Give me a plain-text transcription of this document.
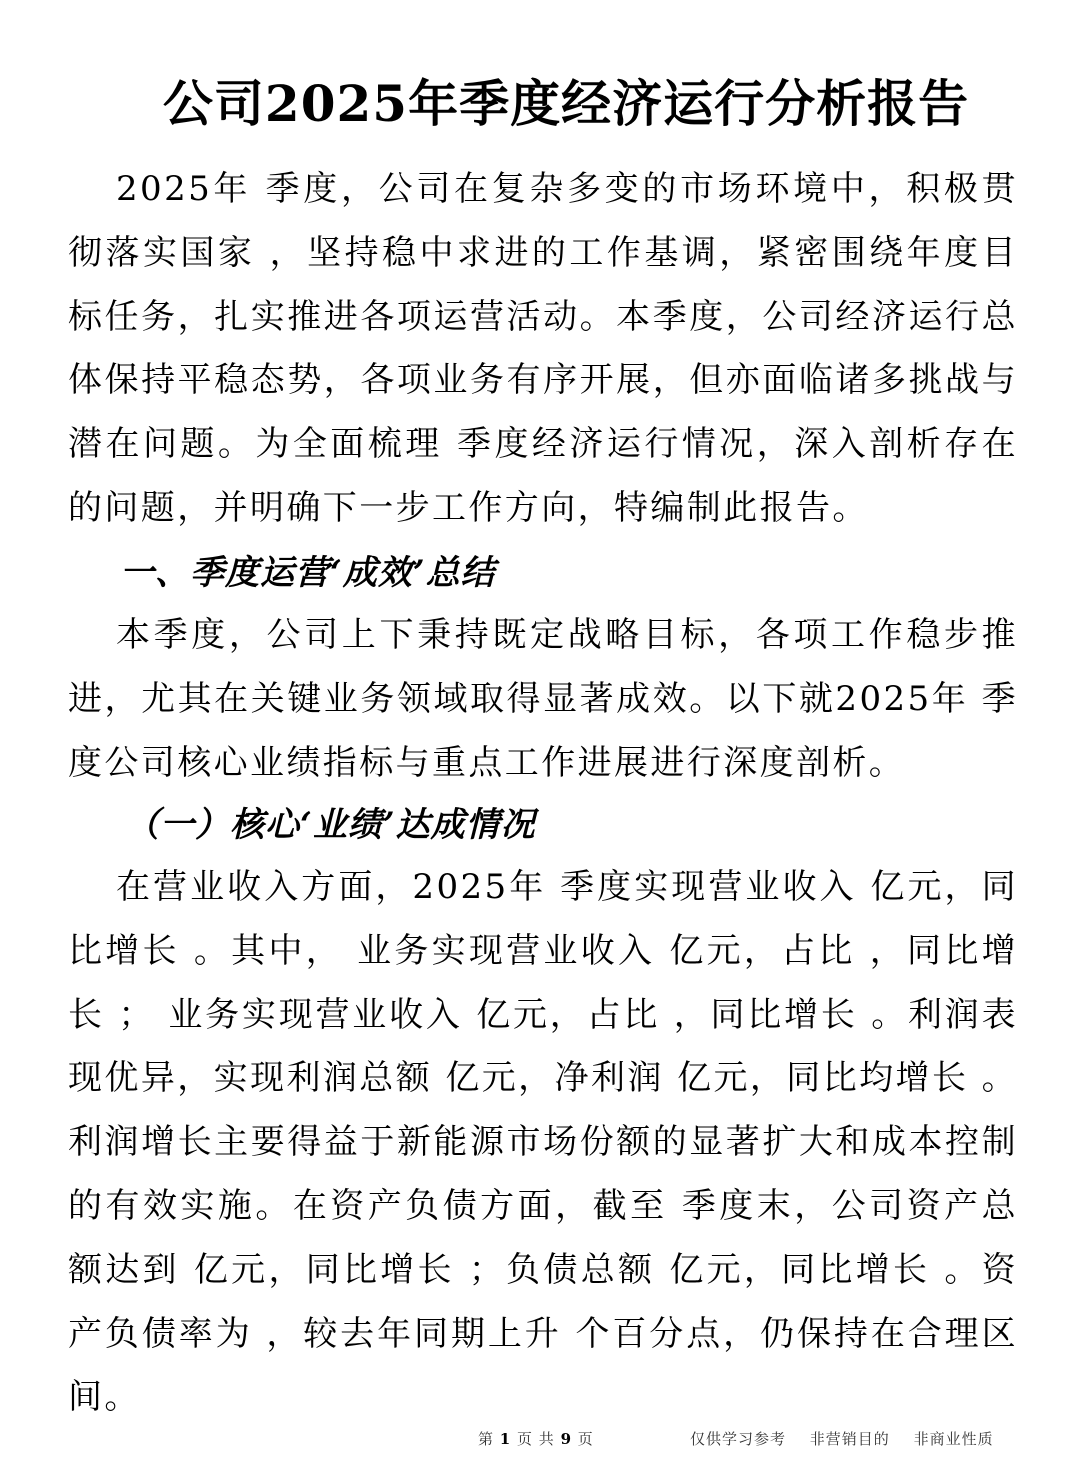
公司2025年季度经济运行分析报告

2025年 季度，公司在复杂多变的市场环境中，积极贯彻落实国家 ，坚持稳中求进的工作基调，紧密围绕年度目标任务，扎实推进各项运营活动。本季度，公司经济运行总体保持平稳态势，各项业务有序开展，但亦面临诸多挑战与潜在问题。为全面梳理 季度经济运行情况，深入剖析存在的问题，并明确下一步工作方向，特编制此报告。

一、季度运营‘成效’总结

本季度，公司上下秉持既定战略目标，各项工作稳步推进，尤其在关键业务领域取得显著成效。以下就2025年 季度公司核心业绩指标与重点工作进展进行深度剖析。

（一）核心‘业绩’达成情况

在营业收入方面，2025年 季度实现营业收入 亿元，同比增长 。其中， 业务实现营业收入 亿元，占比 ，同比增长 ； 业务实现营业收入 亿元，占比 ，同比增长 。利润表现优异，实现利润总额 亿元，净利润 亿元，同比均增长 。利润增长主要得益于新能源市场份额的显著扩大和成本控制的有效实施。在资产负债方面，截至 季度末，公司资产总额达到 亿元，同比增长 ；负债总额 亿元，同比增长 。资产负债率为 ，较去年同期上升 个百分点，仍保持在合理区间。

第 1 页 共 9 页	仅供学习参考 非营销目的 非商业性质
